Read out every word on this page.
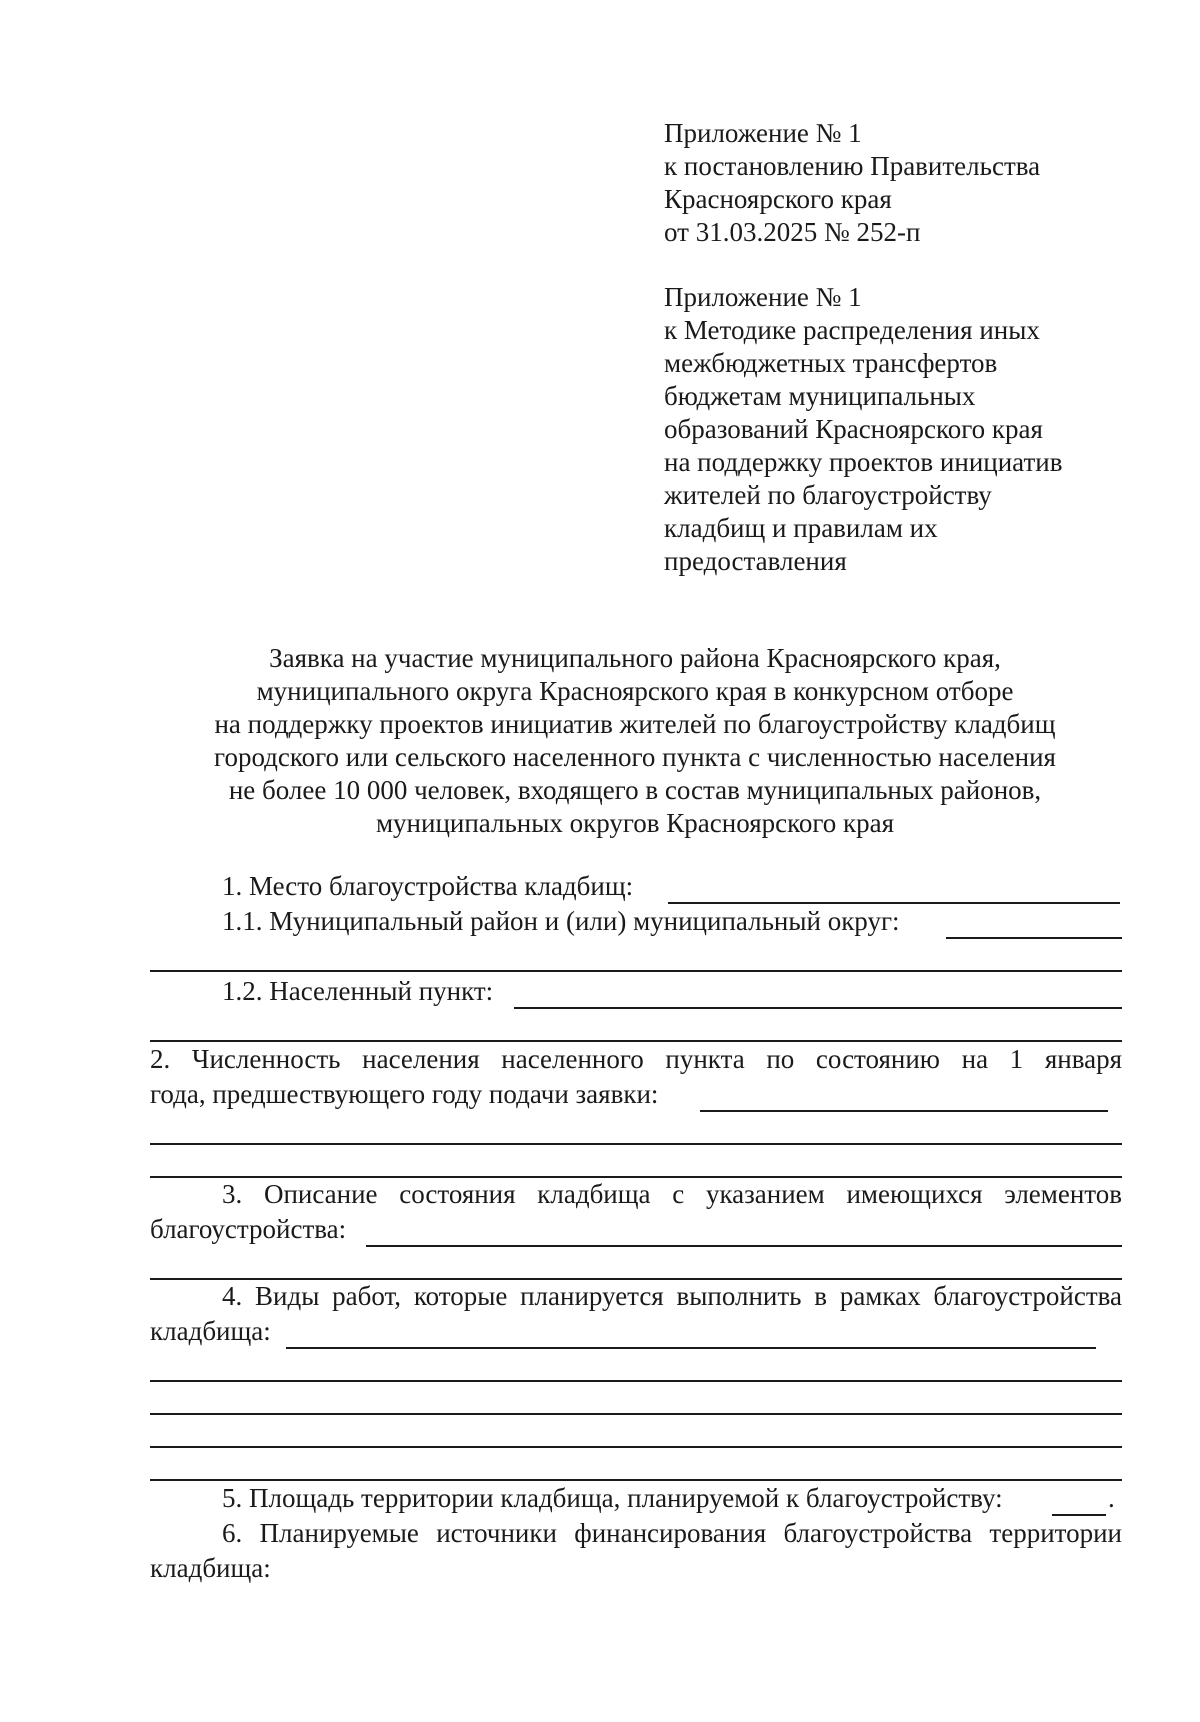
Приложение № 1
к постановлению Правительства
Красноярского края
от 31.03.2025 № 252-п
Приложение № 1
к Методике распределения иных
межбюджетных трансфертов
бюджетам муниципальных
образований Красноярского края
на поддержку проектов инициатив
жителей по благоустройству
кладбищ и правилам их
предоставления
Заявка на участие муниципального района Красноярского края,
муниципального округа Красноярского края в конкурсном отборе
на поддержку проектов инициатив жителей по благоустройству кладбищ
городского или сельского населенного пункта с численностью населения
не более 10 000 человек, входящего в состав муниципальных районов,
муниципальных округов Красноярского края
1. Место благоустройства кладбищ:
1.1. Муниципальный район и (или) муниципальный округ:
1.2. Населенный пункт:
2. Численность населения населенного пункта по состоянию на 1 января
года, предшествующего году подачи заявки:
3. Описание состояния кладбища с указанием имеющихся элементов
благоустройства:
4. Виды работ, которые планируется выполнить в рамках благоустройства
кладбища:
5. Площадь территории кладбища, планируемой к благоустройству:	.
6. Планируемые источники финансирования благоустройства территории
кладбища:
